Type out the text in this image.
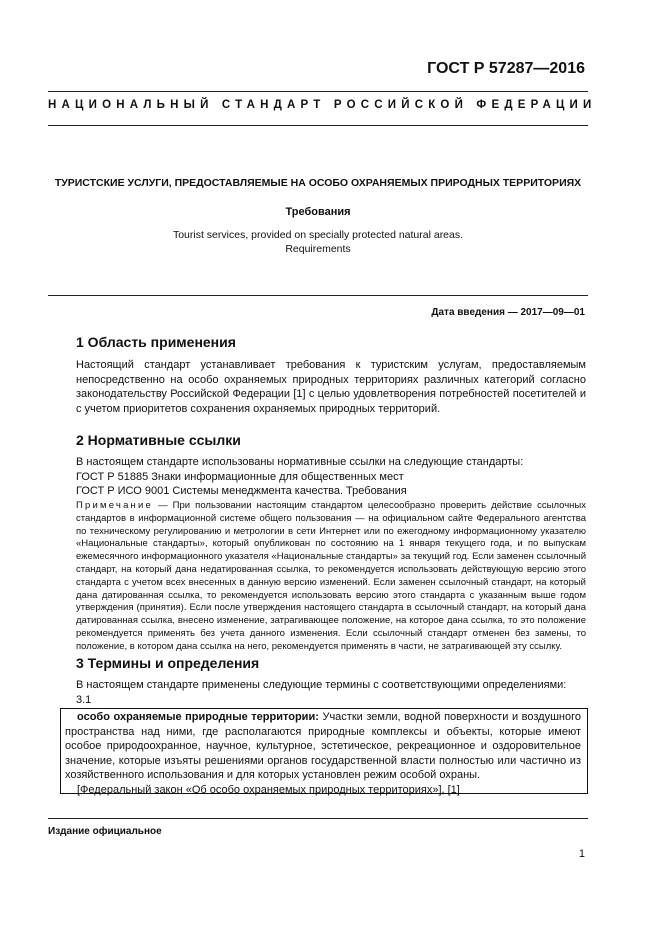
ГОСТ Р 57287—2016
НАЦИОНАЛЬНЫЙ СТАНДАРТ РОССИЙСКОЙ ФЕДЕРАЦИИ
ТУРИСТСКИЕ УСЛУГИ, ПРЕДОСТАВЛЯЕМЫЕ НА ОСОБО ОХРАНЯЕМЫХ ПРИРОДНЫХ ТЕРРИТОРИЯХ
Требования
Tourist services, provided on specially protected natural areas.
Requirements
Дата введения — 2017—09—01
1 Область применения

Настоящий стандарт устанавливает требования к туристским услугам, предоставляемым непосредственно на особо охраняемых природных территориях различных категорий согласно законодательству Российской Федерации [1] с целью удовлетворения потребностей посетителей и с учетом приоритетов сохранения охраняемых природных территорий.

2 Нормативные ссылки

В настоящем стандарте использованы нормативные ссылки на следующие стандарты:

ГОСТ Р 51885 Знаки информационные для общественных мест

ГОСТ Р ИСО 9001 Системы менеджмента качества. Требования

Примечание — При пользовании настоящим стандартом целесообразно проверить действие ссылочных стандартов в информационной системе общего пользования — на официальном сайте Федерального агентства по техническому регулированию и метрологии в сети Интернет или по ежегодному информационному указателю «Национальные стандарты», который опубликован по состоянию на 1 января текущего года, и по выпускам ежемесячного информационного указателя «Национальные стандарты» за текущий год. Если заменен ссылочный стандарт, на который дана недатированная ссылка, то рекомендуется использовать действующую версию этого стандарта с учетом всех внесенных в данную версию изменений. Если заменен ссылочный стандарт, на который дана датированная ссылка, то рекомендуется использовать версию этого стандарта с указанным выше годом утверждения (принятия). Если после утверждения настоящего стандарта в ссылочный стандарт, на который дана датированная ссылка, внесено изменение, затрагивающее положение, на которое дана ссылка, то это положение рекомендуется применять без учета данного изменения. Если ссылочный стандарт отменен без замены, то положение, в котором дана ссылка на него, рекомендуется применять в части, не затрагивающей эту ссылку.
3 Термины и определения

В настоящем стандарте применены следующие термины с соответствующими определениями:

3.1

особо охраняемые природные территории: Участки земли, водной поверхности и воздушного пространства над ними, где располагаются природные комплексы и объекты, которые имеют особое природоохранное, научное, культурное, эстетическое, рекреационное и оздоровительное значение, которые изъяты решениями органов государственной власти полностью или частично из хозяйственного использования и для которых установлен режим особой охраны.
[Федеральный закон «Об особо охраняемых природных территориях»], [1]
Издание официальное
1
